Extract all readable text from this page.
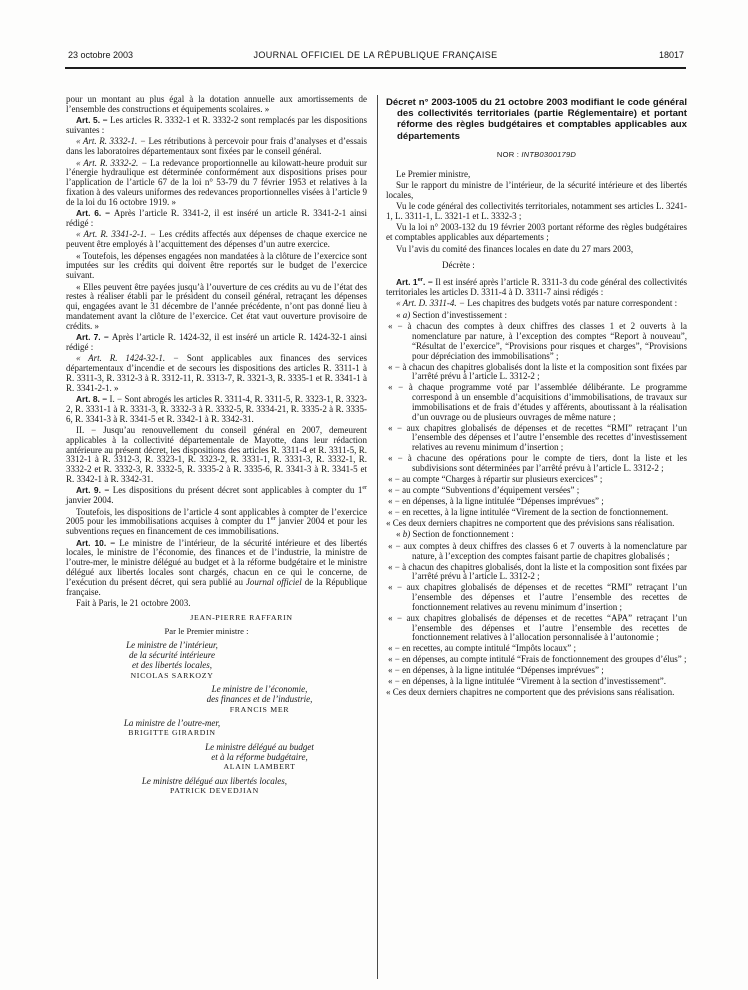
23 octobre 2003	JOURNAL OFFICIEL DE LA RÉPUBLIQUE FRANÇAISE	18017

pour un montant au plus égal à la dotation annuelle aux amortissements de l’ensemble des constructions et équipements scolaires. »

Art. 5. − Les articles R. 3332-1 et R. 3332-2 sont remplacés par les dispositions suivantes :

« Art. R. 3332-1. − Les rétributions à percevoir pour frais d’analyses et d’essais dans les laboratoires départementaux sont fixées par le conseil général.

« Art. R. 3332-2. − La redevance proportionnelle au kilowatt-heure produit sur l’énergie hydraulique est déterminée conformément aux dispositions prises pour l’application de l’article 67 de la loi n° 53-79 du 7 février 1953 et relatives à la fixation à des valeurs uniformes des redevances proportionnelles visées à l’article 9 de la loi du 16 octobre 1919. »

Art. 6. − Après l’article R. 3341-2, il est inséré un article R. 3341-2-1 ainsi rédigé :

« Art. R. 3341-2-1. − Les crédits affectés aux dépenses de chaque exercice ne peuvent être employés à l’acquittement des dépenses d’un autre exercice.

« Toutefois, les dépenses engagées non mandatées à la clôture de l’exercice sont imputées sur les crédits qui doivent être reportés sur le budget de l’exercice suivant.

« Elles peuvent être payées jusqu’à l’ouverture de ces crédits au vu de l’état des restes à réaliser établi par le président du conseil général, retraçant les dépenses qui, engagées avant le 31 décembre de l’année précédente, n’ont pas donné lieu à mandatement avant la clôture de l’exercice. Cet état vaut ouverture provisoire de crédits. »

Art. 7. − Après l’article R. 1424-32, il est inséré un article R. 1424-32-1 ainsi rédigé :

« Art. R. 1424-32-1. − Sont applicables aux finances des services départementaux d’incendie et de secours les dispositions des articles R. 3311-1 à R. 3311-3, R. 3312-3 à R. 3312-11, R. 3313-7, R. 3321-3, R. 3335-1 et R. 3341-1 à R. 3341-2-1. »

Art. 8. − I. − Sont abrogés les articles R. 3311-4, R. 3311-5, R. 3323-1, R. 3323-2, R. 3331-1 à R. 3331-3, R. 3332-3 à R. 3332-5, R. 3334-21, R. 3335-2 à R. 3335-6, R. 3341-3 à R. 3341-5 et R. 3342-1 à R. 3342-31.

II. − Jusqu’au renouvellement du conseil général en 2007, demeurent applicables à la collectivité départementale de Mayotte, dans leur rédaction antérieure au présent décret, les dispositions des articles R. 3311-4 et R. 3311-5, R. 3312-1 à R. 3312-3, R. 3323-1, R. 3323-2, R. 3331-1, R. 3331-3, R. 3332-1, R. 3332-2 et R. 3332-3, R. 3332-5, R. 3335-2 à R. 3335-6, R. 3341-3 à R. 3341-5 et R. 3342-1 à R. 3342-31.

Art. 9. − Les dispositions du présent décret sont applicables à compter du 1er janvier 2004.

Toutefois, les dispositions de l’article 4 sont applicables à compter de l’exercice 2005 pour les immobilisations acquises à compter du 1er janvier 2004 et pour les subventions reçues en financement de ces immobilisations.

Art. 10. − Le ministre de l’intérieur, de la sécurité intérieure et des libertés locales, le ministre de l’économie, des finances et de l’industrie, la ministre de l’outre-mer, le ministre délégué au budget et à la réforme budgétaire et le ministre délégué aux libertés locales sont chargés, chacun en ce qui le concerne, de l’exécution du présent décret, qui sera publié au Journal officiel de la République française.

Fait à Paris, le 21 octobre 2003.

JEAN-PIERRE RAFFARIN
Par le Premier ministre :
Le ministre de l’intérieur,
de la sécurité intérieure
et des libertés locales,
NICOLAS SARKOZY
Le ministre de l’économie,
des finances et de l’industrie,
FRANCIS MER
La ministre de l’outre-mer,
BRIGITTE GIRARDIN
Le ministre délégué au budget
et à la réforme budgétaire,
ALAIN LAMBERT
Le ministre délégué aux libertés locales,
PATRICK DEVEDJIAN
Décret n° 2003-1005 du 21 octobre 2003 modifiant le code général des collectivités territoriales (partie Réglementaire) et portant réforme des règles budgétaires et comptables applicables aux départements
NOR : INTB0300179D

Le Premier ministre,

Sur le rapport du ministre de l’intérieur, de la sécurité intérieure et des libertés locales,

Vu le code général des collectivités territoriales, notamment ses articles L. 3241-1, L. 3311-1, L. 3321-1 et L. 3332-3 ;

Vu la loi n° 2003-132 du 19 février 2003 portant réforme des règles budgétaires et comptables applicables aux départements ;

Vu l’avis du comité des finances locales en date du 27 mars 2003,

Décrète :

Art. 1er. − Il est inséré après l’article R. 3311-3 du code général des collectivités territoriales les articles D. 3311-4 à D. 3311-7 ainsi rédigés :

« Art. D. 3311-4. − Les chapitres des budgets votés par nature correspondent :

« a) Section d’investissement :

« − à chacun des comptes à deux chiffres des classes 1 et 2 ouverts à la nomenclature par nature, à l’exception des comptes “Report à nouveau”, “Résultat de l’exercice”, “Provisions pour risques et charges”, “Provisions pour dépréciation des immobilisations” ;

« − à chacun des chapitres globalisés dont la liste et la composition sont fixées par l’arrêté prévu à l’article L. 3312-2 ;

« − à chaque programme voté par l’assemblée délibérante. Le programme correspond à un ensemble d’acquisitions d’immobilisations, de travaux sur immobilisations et de frais d’études y afférents, aboutissant à la réalisation d’un ouvrage ou de plusieurs ouvrages de même nature ;

« − aux chapitres globalisés de dépenses et de recettes “RMI” retraçant l’un l’ensemble des dépenses et l’autre l’ensemble des recettes d’investissement relatives au revenu minimum d’insertion ;

« − à chacune des opérations pour le compte de tiers, dont la liste et les subdivisions sont déterminées par l’arrêté prévu à l’article L. 3312-2 ;

« − au compte “Charges à répartir sur plusieurs exercices” ;

« − au compte “Subventions d’équipement versées” ;

« − en dépenses, à la ligne intitulée “Dépenses imprévues” ;

« − en recettes, à la ligne intitulée “Virement de la section de fonctionnement.

« Ces deux derniers chapitres ne comportent que des prévisions sans réalisation.

« b) Section de fonctionnement :

« − aux comptes à deux chiffres des classes 6 et 7 ouverts à la nomenclature par nature, à l’exception des comptes faisant partie de chapitres globalisés ;

« − à chacun des chapitres globalisés, dont la liste et la composition sont fixées par l’arrêté prévu à l’article L. 3312-2 ;

« − aux chapitres globalisés de dépenses et de recettes “RMI” retraçant l’un l’ensemble des dépenses et l’autre l’ensemble des recettes de fonctionnement relatives au revenu minimum d’insertion ;

« − aux chapitres globalisés de dépenses et de recettes “APA” retraçant l’un l’ensemble des dépenses et l’autre l’ensemble des recettes de fonctionnement relatives à l’allocation personnalisée à l’autonomie ;

« − en recettes, au compte intitulé “Impôts locaux” ;

« − en dépenses, au compte intitulé “Frais de fonctionnement des groupes d’élus” ;

« − en dépenses, à la ligne intitulée “Dépenses imprévues” ;

« − en dépenses, à la ligne intitulée “Virement à la section d’investissement”.

« Ces deux derniers chapitres ne comportent que des prévisions sans réalisation.
